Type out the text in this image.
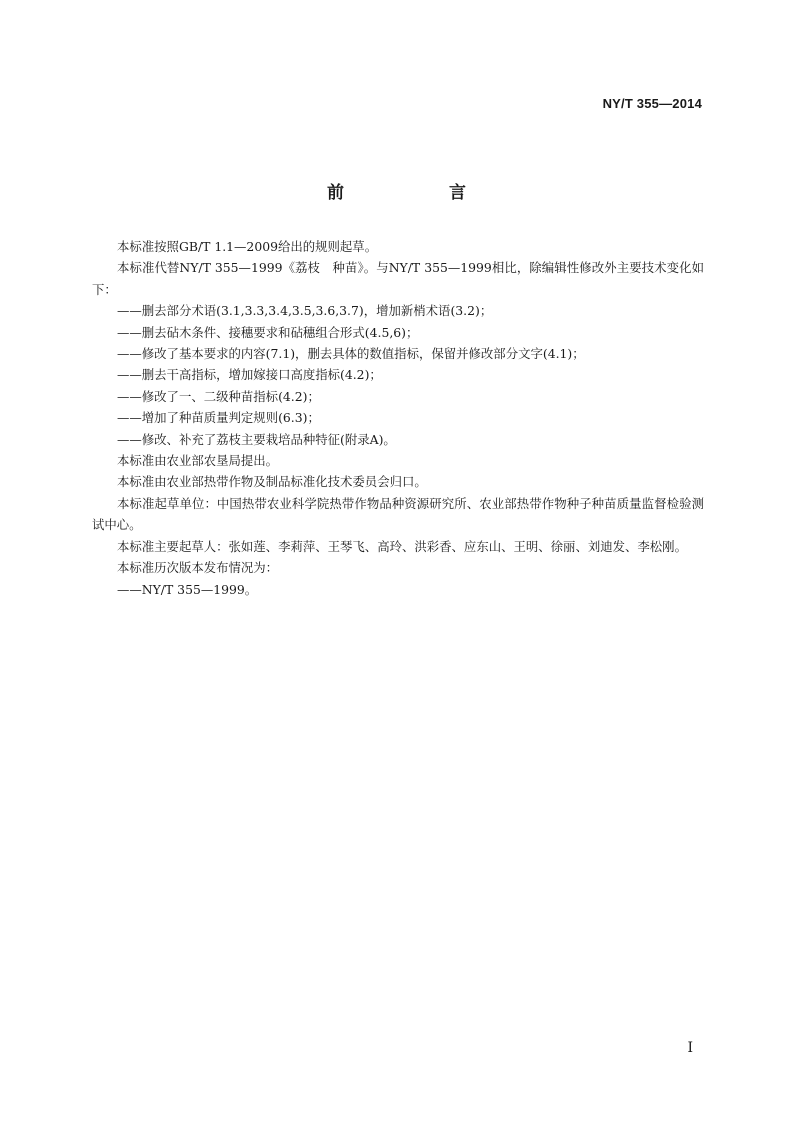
NY/T 355—2014
前　言

本标准按照GB/T 1.1—2009给出的规则起草。

本标准代替NY/T 355—1999《荔枝　种苗》。与NY/T 355—1999相比，除编辑性修改外主要技术变化如下：

——删去部分术语(3.1,3.3,3.4,3.5,3.6,3.7)，增加新梢术语(3.2)；

——删去砧木条件、接穗要求和砧穗组合形式(4.5,6)；

——修改了基本要求的内容(7.1)，删去具体的数值指标，保留并修改部分文字(4.1)；

——删去干高指标，增加嫁接口高度指标(4.2)；

——修改了一、二级种苗指标(4.2)；

——增加了种苗质量判定规则(6.3)；

——修改、补充了荔枝主要栽培品种特征(附录A)。

本标准由农业部农垦局提出。

本标准由农业部热带作物及制品标准化技术委员会归口。

本标准起草单位：中国热带农业科学院热带作物品种资源研究所、农业部热带作物种子种苗质量监督检验测试中心。

本标准主要起草人：张如莲、李莉萍、王琴飞、高玲、洪彩香、应东山、王明、徐丽、刘迪发、李松刚。

本标准历次版本发布情况为：

——NY/T 355—1999。

I
